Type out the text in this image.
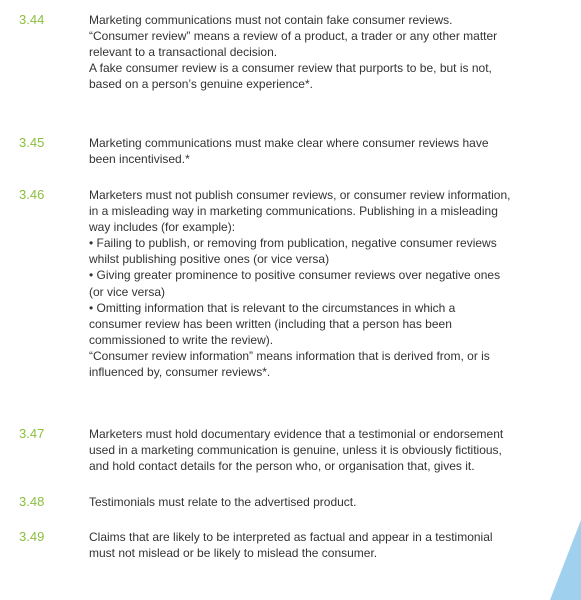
3.44	Marketing communications must not contain fake consumer reviews.
“Consumer review” means a review of a product, a trader or any other matter
relevant to a transactional decision.
A fake consumer review is a consumer review that purports to be, but is not,
based on a person’s genuine experience*.
3.45	Marketing communications must make clear where consumer reviews have
been incentivised.*
3.46	Marketers must not publish consumer reviews, or consumer review information,
in a misleading way in marketing communications. Publishing in a misleading
way includes (for example):
• Failing to publish, or removing from publication, negative consumer reviews
whilst publishing positive ones (or vice versa)
• Giving greater prominence to positive consumer reviews over negative ones
(or vice versa)
• Omitting information that is relevant to the circumstances in which a
consumer review has been written (including that a person has been
commissioned to write the review).
“Consumer review information” means information that is derived from, or is
influenced by, consumer reviews*.
3.47	Marketers must hold documentary evidence that a testimonial or endorsement
used in a marketing communication is genuine, unless it is obviously fictitious,
and hold contact details for the person who, or organisation that, gives it.
3.48	Testimonials must relate to the advertised product.
3.49	Claims that are likely to be interpreted as factual and appear in a testimonial
must not mislead or be likely to mislead the consumer.
